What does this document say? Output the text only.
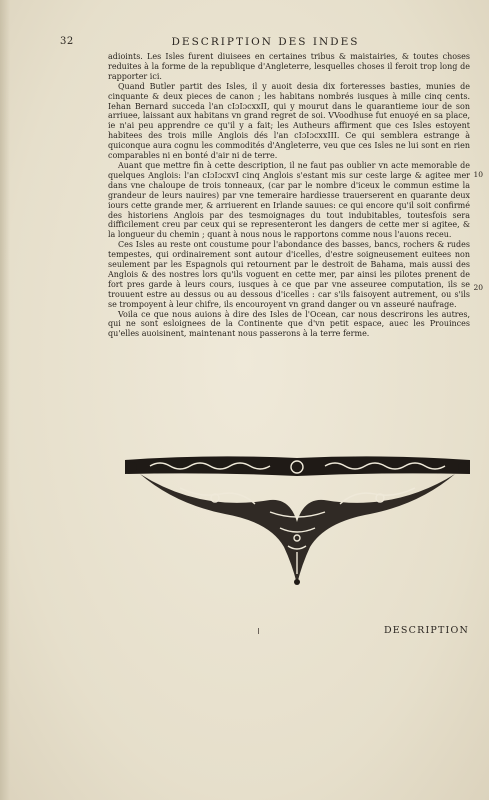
32	DESCRIPTION DES INDES

adioints. Les Isles furent diuisees en certaines tribus & maistairies, & toutes choses reduites à la forme de la republique d'Angleterre, lesquelles choses il feroit trop long de rapporter ici.

Quand Butler partit des Isles, il y auoit desia dix forteresses basties, munies de cinquante & deux pieces de canon ; les habitans nombrés iusques à mille cinq cents. Iehan Bernard succeda l'an cIɔIɔcxxII, qui y mourut dans le quarantieme iour de son arriuee, laissant aux habitans vn grand regret de soi. VVoodhuse fut enuoyé en sa place, ie n'ai peu apprendre ce qu'il y a fait; les Autheurs affirment que ces Isles estoyent habitees des trois mille Anglois dés l'an cIɔIɔcxxIII. Ce qui semblera estrange à quiconque aura cognu les commodités d'Angleterre, veu que ces Isles ne lui sont en rien comparables ni en bonté d'air ni de terre.

Auant que mettre fin à cette description, il ne faut pas oublier vn acte memorable de quelques Anglois: l'an cIɔIɔcxvI cinq Anglois s'estant mis sur ceste large & agitee mer dans vne chaloupe de trois tonneaux, (car par le nombre d'iceux le commun estime la grandeur de leurs nauires) par vne temeraire hardiesse trauerserent en quarante deux iours cette grande mer, & arriuerent en Irlande sauues: ce qui encore qu'il soit confirmé des historiens Anglois par des tesmoignages du tout indubitables, toutesfois sera difficilement creu par ceux qui se representeront les dangers de cette mer si agitee, & la longueur du chemin ; quant à nous nous le rapportons comme nous l'auons receu.

Ces Isles au reste ont coustume pour l'abondance des basses, bancs, rochers & rudes tempestes, qui ordinairement sont autour d'icelles, d'estre soigneusement euitees non seulement par les Espagnols qui retournent par le destroit de Bahama, mais aussi des Anglois & des nostres lors qu'ils voguent en cette mer, par ainsi les pilotes prenent de fort pres garde à leurs cours, iusques à ce que par vne asseuree computation, ils se trouuent estre au dessus ou au dessous d'icelles : car s'ils faisoyent autrement, ou s'ils se trompoyent à leur chifre, ils encouroyent vn grand danger ou vn asseuré naufrage.

Voila ce que nous auions à dire des Isles de l'Ocean, car nous descrirons les autres, qui ne sont esloignees de la Continente que d'vn petit espace, auec les Prouinces qu'elles auoisinent, maintenant nous passerons à la terre ferme.

10
20
DESCRIPTION
